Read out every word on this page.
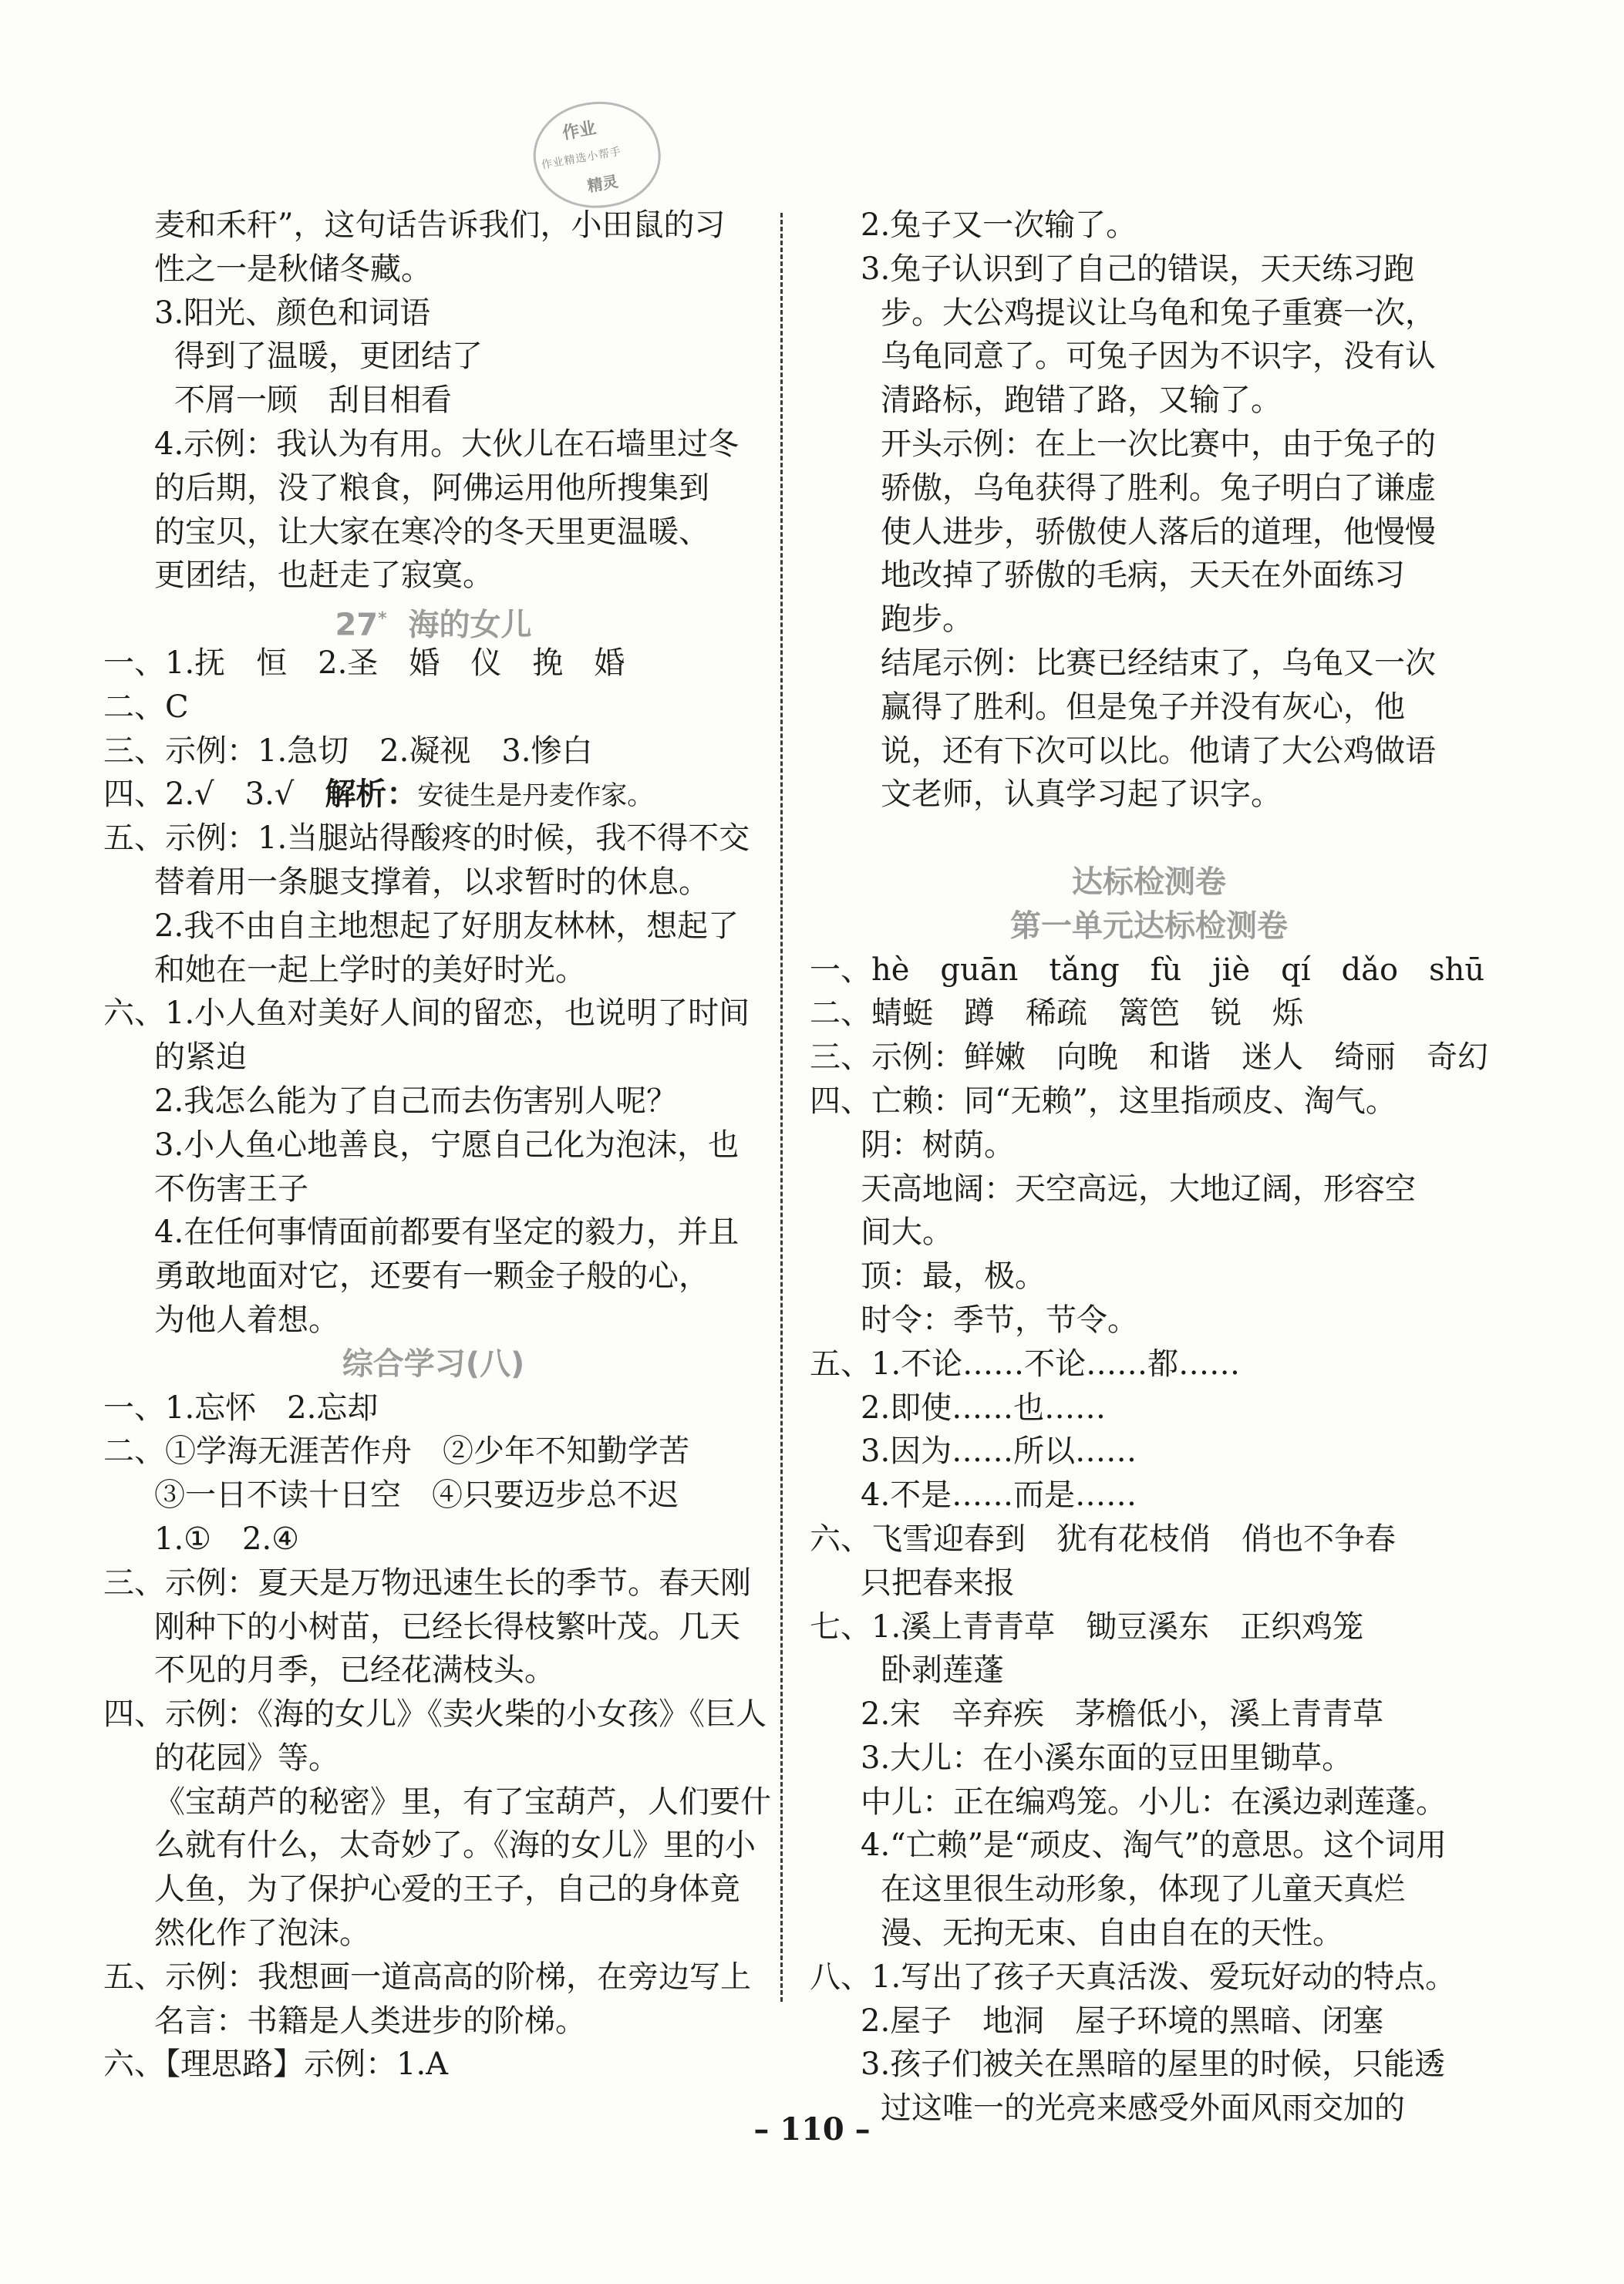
作业
作业精选小帮手
精灵
麦和禾秆”，这句话告诉我们，小田鼠的习
性之一是秋储冬藏。
3.阳光、颜色和词语
得到了温暖，更团结了
不屑一顾　刮目相看
4.示例：我认为有用。大伙儿在石墙里过冬
的后期，没了粮食，阿佛运用他所搜集到
的宝贝，让大家在寒冷的冬天里更温暖、
更团结，也赶走了寂寞。
27* 海的女儿
一、1.抚　恒　2.圣　婚　仪　挽　婚
二、C
三、示例：1.急切　2.凝视　3.惨白
四、2.√　3.√　解析：安徒生是丹麦作家。
五、示例：1.当腿站得酸疼的时候，我不得不交
替着用一条腿支撑着，以求暂时的休息。
2.我不由自主地想起了好朋友林林，想起了
和她在一起上学时的美好时光。
六、1.小人鱼对美好人间的留恋，也说明了时间
的紧迫
2.我怎么能为了自己而去伤害别人呢？
3.小人鱼心地善良，宁愿自己化为泡沫，也
不伤害王子
4.在任何事情面前都要有坚定的毅力，并且
勇敢地面对它，还要有一颗金子般的心，
为他人着想。
综合学习(八)
一、1.忘怀　2.忘却
二、①学海无涯苦作舟　②少年不知勤学苦
③一日不读十日空　④只要迈步总不迟
1.①　2.④
三、示例：夏天是万物迅速生长的季节。春天刚
刚种下的小树苗，已经长得枝繁叶茂。几天
不见的月季，已经花满枝头。
四、示例：《海的女儿》《卖火柴的小女孩》《巨人
的花园》等。
《宝葫芦的秘密》里，有了宝葫芦，人们要什
么就有什么，太奇妙了。《海的女儿》里的小
人鱼，为了保护心爱的王子，自己的身体竟
然化作了泡沫。
五、示例：我想画一道高高的阶梯，在旁边写上
名言：书籍是人类进步的阶梯。
六、【理思路】示例：1.A
2.兔子又一次输了。
3.兔子认识到了自己的错误，天天练习跑
步。大公鸡提议让乌龟和兔子重赛一次，
乌龟同意了。可兔子因为不识字，没有认
清路标，跑错了路，又输了。
开头示例：在上一次比赛中，由于兔子的
骄傲，乌龟获得了胜利。兔子明白了谦虚
使人进步，骄傲使人落后的道理，他慢慢
地改掉了骄傲的毛病，天天在外面练习
跑步。
结尾示例：比赛已经结束了，乌龟又一次
赢得了胜利。但是兔子并没有灰心，他
说，还有下次可以比。他请了大公鸡做语
文老师，认真学习起了识字。
达标检测卷
第一单元达标检测卷
一、hè　guān　tǎng　fù　jiè　qí　dǎo　shū
二、蜻蜓　蹲　稀疏　篱笆　锐　烁
三、示例：鲜嫩　向晚　和谐　迷人　绮丽　奇幻
四、亡赖：同“无赖”，这里指顽皮、淘气。
阴：树荫。
天高地阔：天空高远，大地辽阔，形容空
间大。
顶：最，极。
时令：季节，节令。
五、1.不论……不论……都……
2.即使……也……
3.因为……所以……
4.不是……而是……
六、飞雪迎春到　犹有花枝俏　俏也不争春
只把春来报
七、1.溪上青青草　锄豆溪东　正织鸡笼
卧剥莲蓬
2.宋　辛弃疾　茅檐低小，溪上青青草
3.大儿：在小溪东面的豆田里锄草。
中儿：正在编鸡笼。小儿：在溪边剥莲蓬。
4.“亡赖”是“顽皮、淘气”的意思。这个词用
在这里很生动形象，体现了儿童天真烂
漫、无拘无束、自由自在的天性。
八、1.写出了孩子天真活泼、爱玩好动的特点。
2.屋子　地洞　屋子环境的黑暗、闭塞
3.孩子们被关在黑暗的屋里的时候，只能透
过这唯一的光亮来感受外面风雨交加的
– 110 –
